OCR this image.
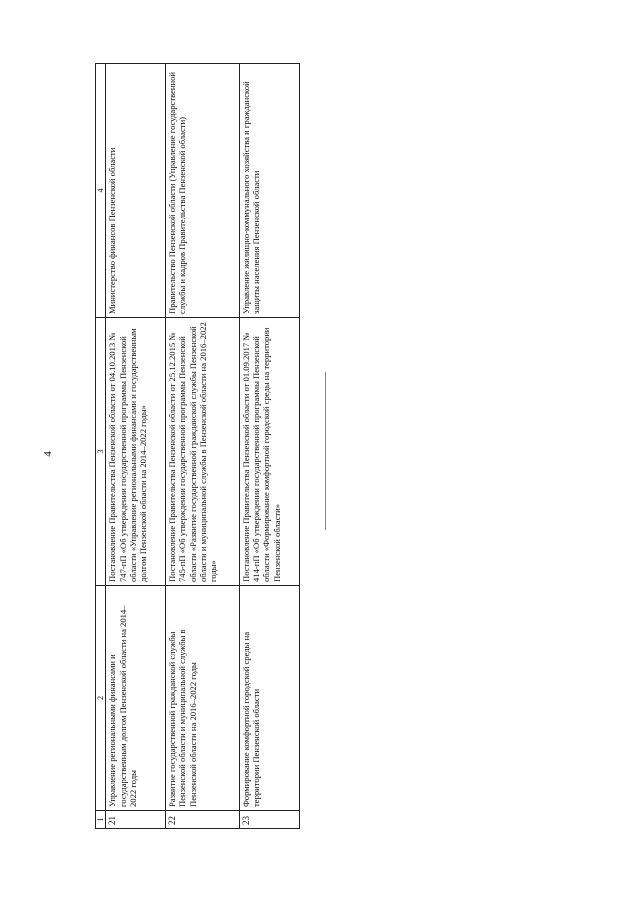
4
1	2	3	4
21	Управление региональными финансами и государственным долгом Пензенской области на 2014–2022 годы	Постановление Правительства Пензенской области от 04.10.2013 № 747-пП «Об утверждении государственной программы Пензенской области «Управление региональными финансами и государственным долгом Пензенской области на 2014–2022 годы»	Министерство финансов Пензенской области
22	Развитие государственной гражданской службы Пензенской области и муниципальной службы в Пензенской области на 2016–2022 годы	Постановление Правительства Пензенской области от 25.12.2015 № 745-пП «Об утверждении государственной программы Пензенской области «Развитие государственной гражданской службы Пензенской области и муниципальной службы в Пензенской области на 2016–2022 годы»	Правительство Пензенской области (Управление государственной службы и кадров Правительства Пензенской области)
23	Формирование комфортной городской среды на территории Пензенской области	Постановление Правительства Пензенской области от 01.09.2017 № 414-пП «Об утверждении государственной программы Пензенской области «Формирование комфортной городской среды на территории Пензенской области»	Управление жилищно-коммунального хозяйства и гражданской защиты населения Пензенской области
